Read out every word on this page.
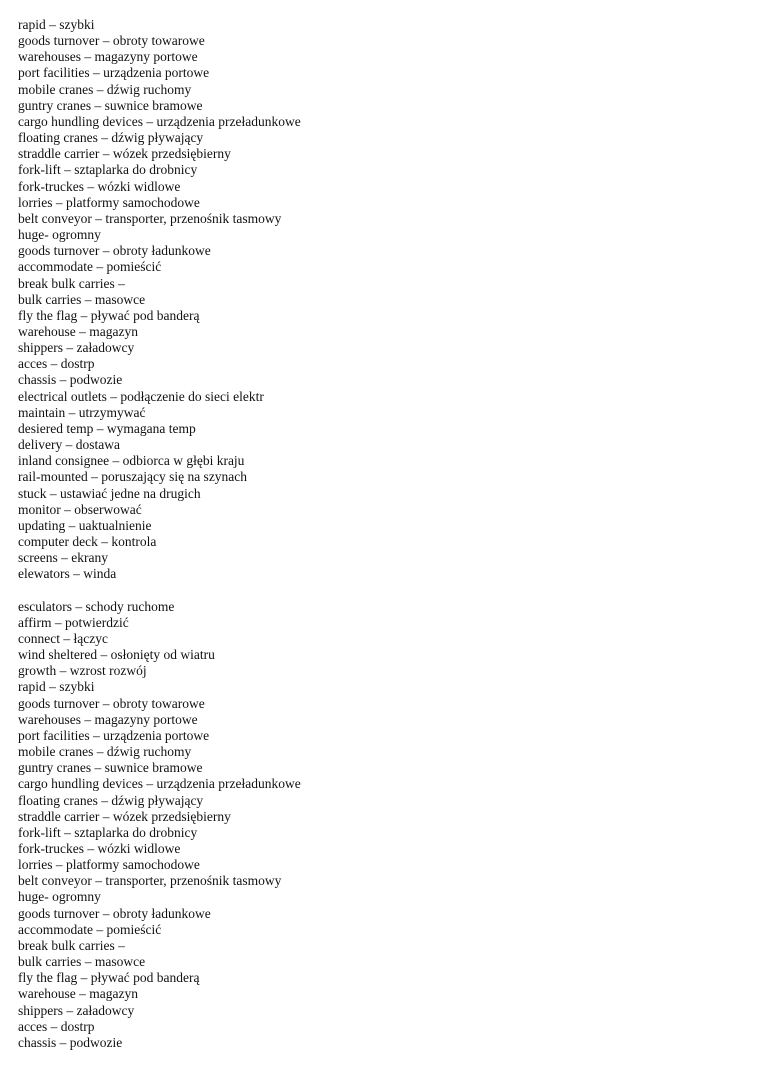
rapid – szybki
goods turnover – obroty towarowe
warehouses – magazyny portowe
port facilities – urządzenia portowe
mobile cranes – dźwig ruchomy
guntry cranes – suwnice bramowe
cargo hundling devices – urządzenia przeładunkowe
floating cranes – dźwig pływający
straddle carrier – wózek przedsiębierny
fork-lift – sztaplarka do drobnicy
fork-truckes – wózki widlowe
lorries – platformy samochodowe
belt conveyor – transporter, przenośnik tasmowy
huge- ogromny
goods turnover – obroty ładunkowe
accommodate – pomieścić
break bulk carries –
bulk carries – masowce
fly the flag – pływać pod banderą
warehouse – magazyn
shippers – załadowcy
acces – dostrp
chassis – podwozie
electrical outlets – podłączenie do sieci elektr
maintain – utrzymywać
desiered temp – wymagana temp
delivery – dostawa
inland consignee – odbiorca w głębi kraju
rail-mounted – poruszający się na szynach
stuck – ustawiać jedne na drugich
monitor – obserwować
updating – uaktualnienie
computer deck – kontrola
screens – ekrany
elewators – winda
esculators – schody ruchome
affirm – potwierdzić
connect – łączyc
wind sheltered – osłonięty od wiatru
growth – wzrost rozwój
rapid – szybki
goods turnover – obroty towarowe
warehouses – magazyny portowe
port facilities – urządzenia portowe
mobile cranes – dźwig ruchomy
guntry cranes – suwnice bramowe
cargo hundling devices – urządzenia przeładunkowe
floating cranes – dźwig pływający
straddle carrier – wózek przedsiębierny
fork-lift – sztaplarka do drobnicy
fork-truckes – wózki widlowe
lorries – platformy samochodowe
belt conveyor – transporter, przenośnik tasmowy
huge- ogromny
goods turnover – obroty ładunkowe
accommodate – pomieścić
break bulk carries –
bulk carries – masowce
fly the flag – pływać pod banderą
warehouse – magazyn
shippers – załadowcy
acces – dostrp
chassis – podwozie
